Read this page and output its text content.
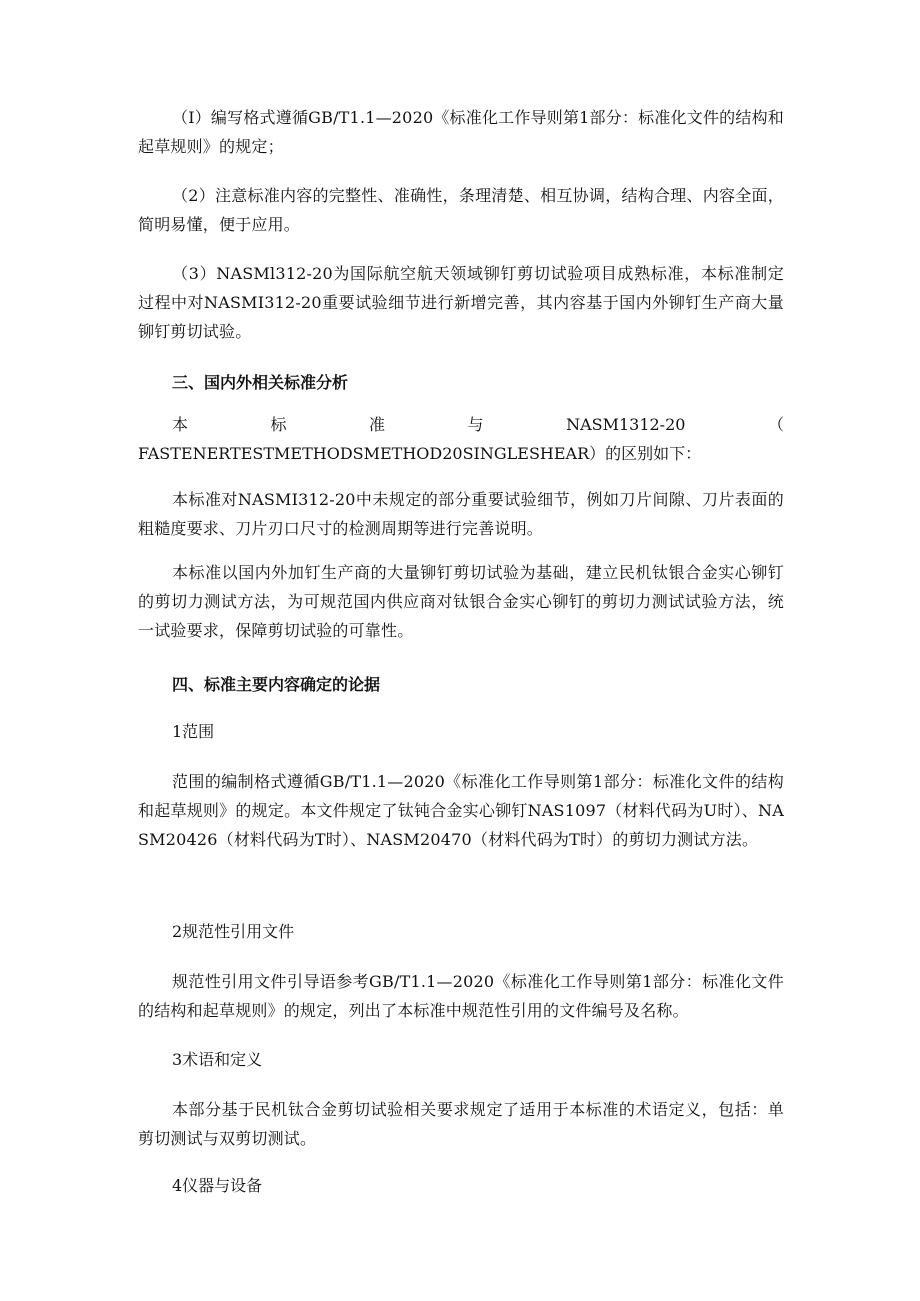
（I）编写格式遵循GB/T1.1—2020《标准化工作导则第1部分：标准化文件的结构和起草规则》的规定；

（2）注意标准内容的完整性、准确性，条理清楚、相互协调，结构合理、内容全面，简明易懂，便于应用。

（3）NASMl312-20为国际航空航天领域铆钉剪切试验项目成熟标准，本标准制定过程中对NASMI312-20重要试验细节进行新增完善，其内容基于国内外铆钉生产商大量铆钉剪切试验。

三、国内外相关标准分析
本	标	准	与	NASM1312-20	（
FASTENERTESTMETHODSMETHOD20SINGLESHEAR）的区别如下：

本标准对NASMI312-20中未规定的部分重要试验细节，例如刀片间隙、刀片表面的粗糙度要求、刀片刃口尺寸的检测周期等进行完善说明。

本标准以国内外加钉生产商的大量铆钉剪切试验为基础，建立民机钛银合金实心铆钉的剪切力测试方法，为可规范国内供应商对钛银合金实心铆钉的剪切力测试试验方法，统一试验要求，保障剪切试验的可靠性。

四、标准主要内容确定的论据

1范围

范围的编制格式遵循GB/T1.1—2020《标准化工作导则第1部分：标准化文件的结构和起草规则》的规定。本文件规定了钛钝合金实心铆钉NAS1097（材料代码为U时）、NASM20426（材料代码为T时）、NASM20470（材料代码为T时）的剪切力测试方法。

2规范性引用文件

规范性引用文件引导语参考GB/T1.1—2020《标准化工作导则第1部分：标准化文件的结构和起草规则》的规定，列出了本标准中规范性引用的文件编号及名称。

3术语和定义

本部分基于民机钛合金剪切试验相关要求规定了适用于本标准的术语定义，包括：单剪切测试与双剪切测试。

4仪器与设备
